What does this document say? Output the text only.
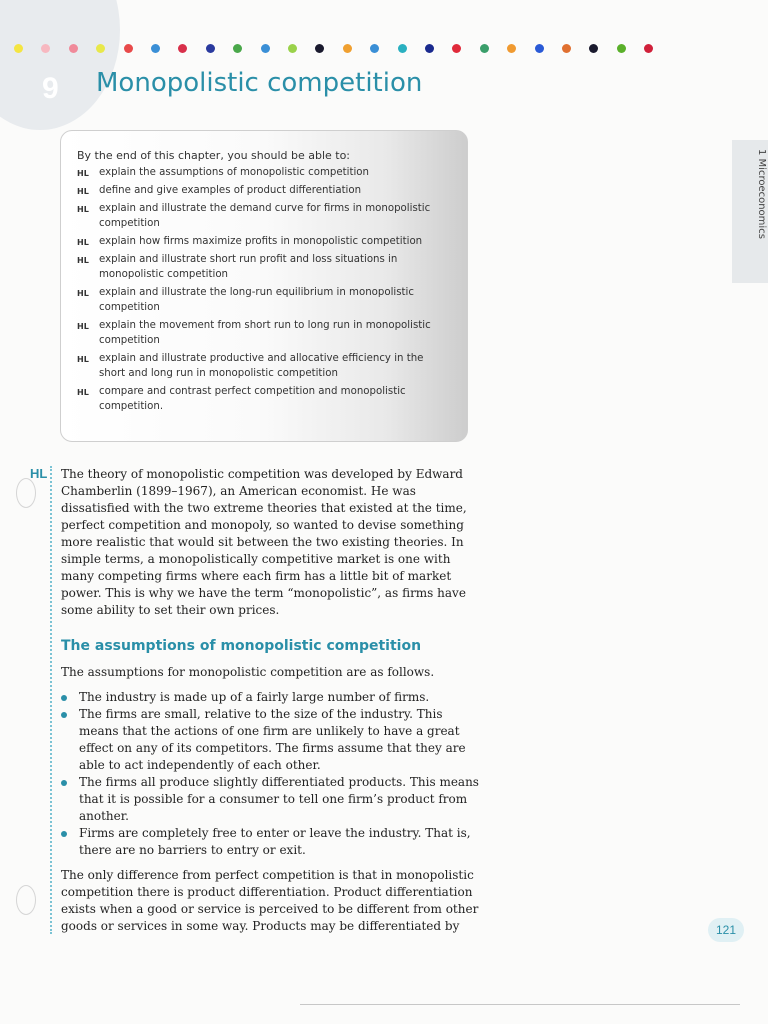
9 Monopolistic competition
By the end of this chapter, you should be able to:
HL explain the assumptions of monopolistic competition
HL define and give examples of product differentiation
HL explain and illustrate the demand curve for firms in monopolistic competition
HL explain how firms maximize profits in monopolistic competition
HL explain and illustrate short run profit and loss situations in monopolistic competition
HL explain and illustrate the long-run equilibrium in monopolistic competition
HL explain the movement from short run to long run in monopolistic competition
HL explain and illustrate productive and allocative efficiency in the short and long run in monopolistic competition
HL compare and contrast perfect competition and monopolistic competition.
1 Microeconomics
HL The theory of monopolistic competition was developed by Edward Chamberlin (1899–1967), an American economist. He was dissatisfied with the two extreme theories that existed at the time, perfect competition and monopoly, so wanted to devise something more realistic that would sit between the two existing theories. In simple terms, a monopolistically competitive market is one with many competing firms where each firm has a little bit of market power. This is why we have the term “monopolistic”, as firms have some ability to set their own prices.

The assumptions of monopolistic competition

The assumptions for monopolistic competition are as follows.

The industry is made up of a fairly large number of firms.
The firms are small, relative to the size of the industry. This means that the actions of one firm are unlikely to have a great effect on any of its competitors. The firms assume that they are able to act independently of each other.
The firms all produce slightly differentiated products. This means that it is possible for a consumer to tell one firm’s product from another.
Firms are completely free to enter or leave the industry. That is, there are no barriers to entry or exit.

The only difference from perfect competition is that in monopolistic competition there is product differentiation. Product differentiation exists when a good or service is perceived to be different from other goods or services in some way. Products may be differentiated by	121
